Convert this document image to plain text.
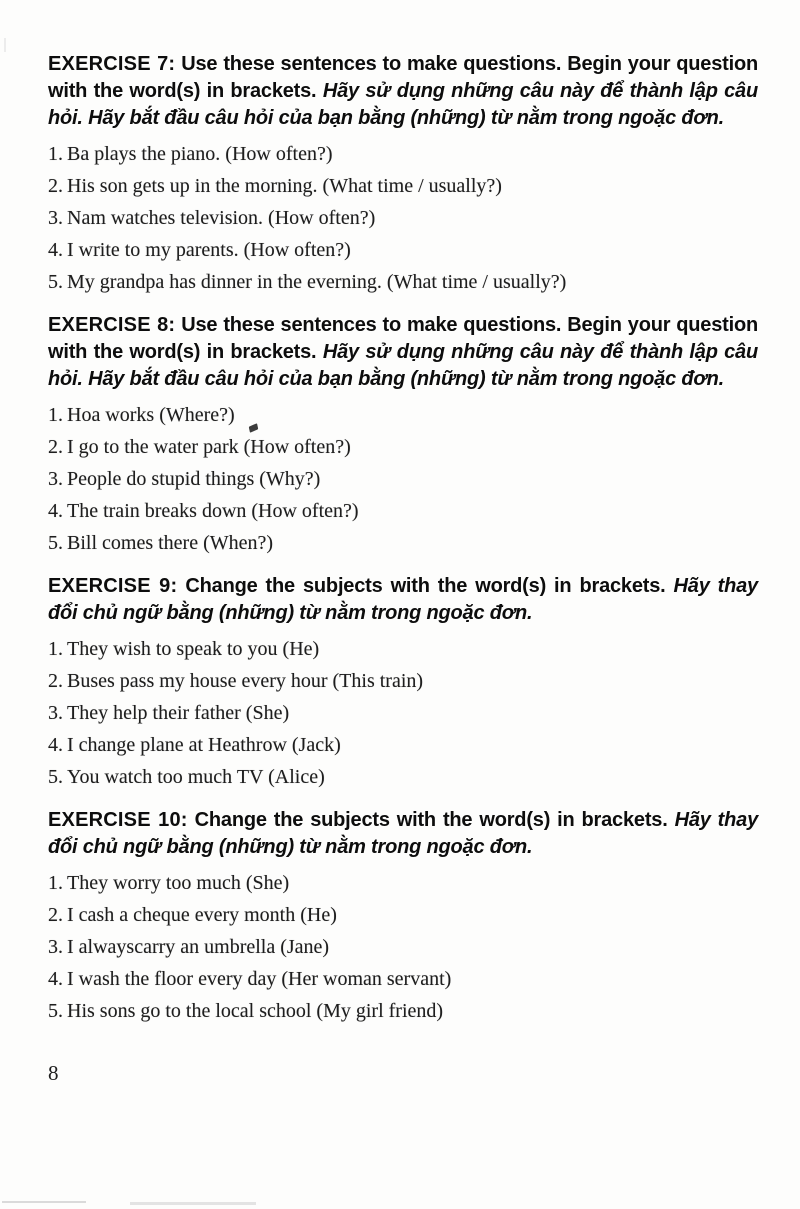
EXERCISE 7: Use these sentences to make questions. Begin your question with the word(s) in brackets. Hãy sử dụng những câu này để thành lập câu hỏi. Hãy bắt đầu câu hỏi của bạn bằng (những) từ nằm trong ngoặc đơn.

1. Ba plays the piano. (How often?)
2. His son gets up in the morning. (What time / usually?)
3. Nam watches television. (How often?)
4. I write to my parents. (How often?)
5. My grandpa has dinner in the everning. (What time / usually?)

EXERCISE 8: Use these sentences to make questions. Begin your question with the word(s) in brackets. Hãy sử dụng những câu này để thành lập câu hỏi. Hãy bắt đầu câu hỏi của bạn bằng (những) từ nằm trong ngoặc đơn.

1. Hoa works (Where?)
2. I go to the water park (How often?)
3. People do stupid things (Why?)
4. The train breaks down (How often?)
5. Bill comes there (When?)

EXERCISE 9: Change the subjects with the word(s) in brackets. Hãy thay đổi chủ ngữ bằng (những) từ nằm trong ngoặc đơn.

1. They wish to speak to you (He)
2. Buses pass my house every hour (This train)
3. They help their father (She)
4. I change plane at Heathrow (Jack)
5. You watch too much TV (Alice)

EXERCISE 10: Change the subjects with the word(s) in brackets. Hãy thay đổi chủ ngữ bằng (những) từ nằm trong ngoặc đơn.

1. They worry too much (She)
2. I cash a cheque every month (He)
3. I alwayscarry an umbrella (Jane)
4. I wash the floor every day (Her woman servant)
5. His sons go to the local school (My girl friend)
8
